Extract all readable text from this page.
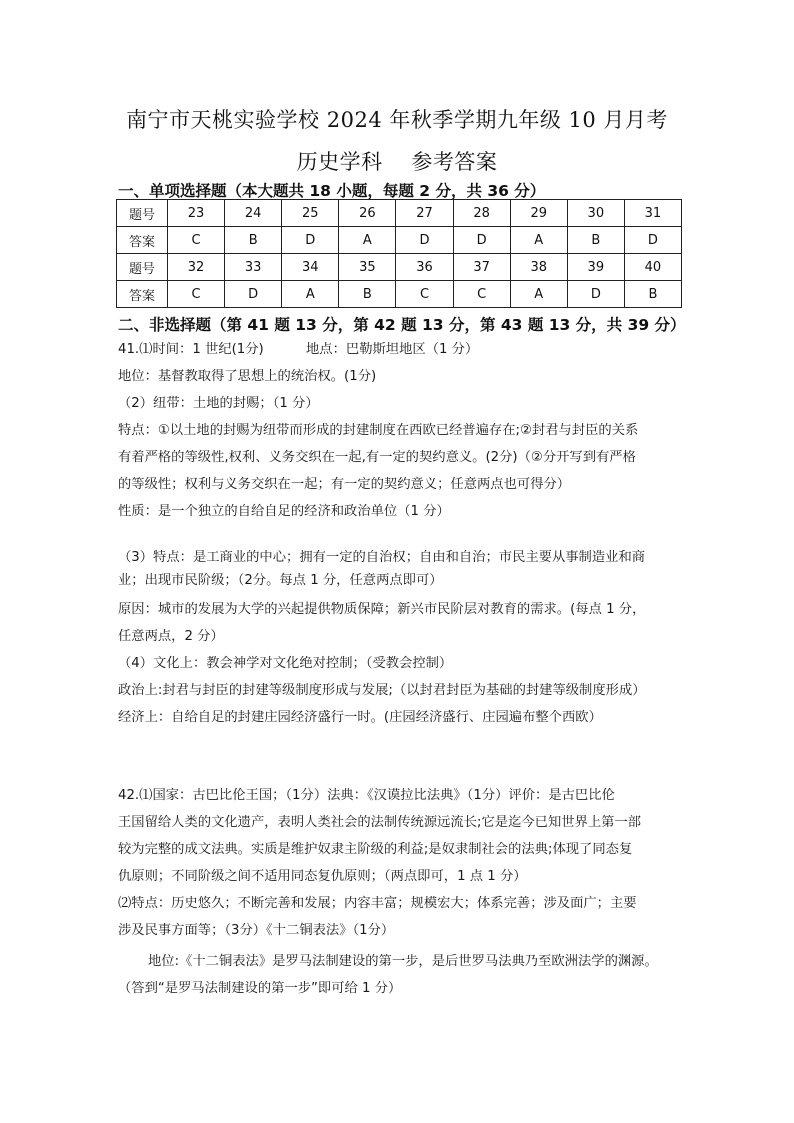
南宁市天桃实验学校 2024 年秋季学期九年级 10 月月考
历史学科    参考答案
一、单项选择题（本大题共 18 小题，每题 2 分，共 36 分）
题号	23	24	25	26	27	28	29	30	31
答案	C	B	D	A	D	D	A	B	D
题号	32	33	34	35	36	37	38	39	40
答案	C	D	A	B	C	C	A	D	B
二、非选择题（第 41 题 13 分，第 42 题 13 分，第 43 题 13 分，共 39 分）

41.⑴时间：1 世纪(1分)          地点：巴勒斯坦地区（1 分）

地位：基督教取得了思想上的统治权。(1分)

（2）纽带：土地的封赐；（1 分）

特点：①以土地的封赐为纽带而形成的封建制度在西欧已经普遍存在;②封君与封臣的关系

有着严格的等级性,权利、义务交织在一起,有一定的契约意义。(2分)（②分开写到有严格

的等级性；权利与义务交织在一起；有一定的契约意义；任意两点也可得分）

性质：是一个独立的自给自足的经济和政治单位（1 分）

（3）特点：是工商业的中心；拥有一定的自治权；自由和自治；市民主要从事制造业和商

业；出现市民阶级；（2分。每点 1 分，任意两点即可）

原因：城市的发展为大学的兴起提供物质保障；新兴市民阶层对教育的需求。(每点 1 分，

任意两点，2 分）

（4）文化上：教会神学对文化绝对控制；（受教会控制）

政治上:封君与封臣的封建等级制度形成与发展;（以封君封臣为基础的封建等级制度形成）

经济上：自给自足的封建庄园经济盛行一时。(庄园经济盛行、庄园遍布整个西欧）

42.⑴国家：古巴比伦王国；（1分）法典：《汉谟拉比法典》（1分）评价：是古巴比伦

王国留给人类的文化遗产，表明人类社会的法制传统源远流长;它是迄今已知世界上第一部

较为完整的成文法典。实质是维护奴隶主阶级的利益;是奴隶制社会的法典;体现了同态复

仇原则；不同阶级之间不适用同态复仇原则；（两点即可，1 点 1 分）

⑵特点：历史悠久；不断完善和发展；内容丰富；规模宏大；体系完善；涉及面广；主要

涉及民事方面等；（3分）《十二铜表法》（1分）

地位:《十二铜表法》是罗马法制建设的第一步，是后世罗马法典乃至欧洲法学的渊源。

（答到“是罗马法制建设的第一步”即可给 1 分）
